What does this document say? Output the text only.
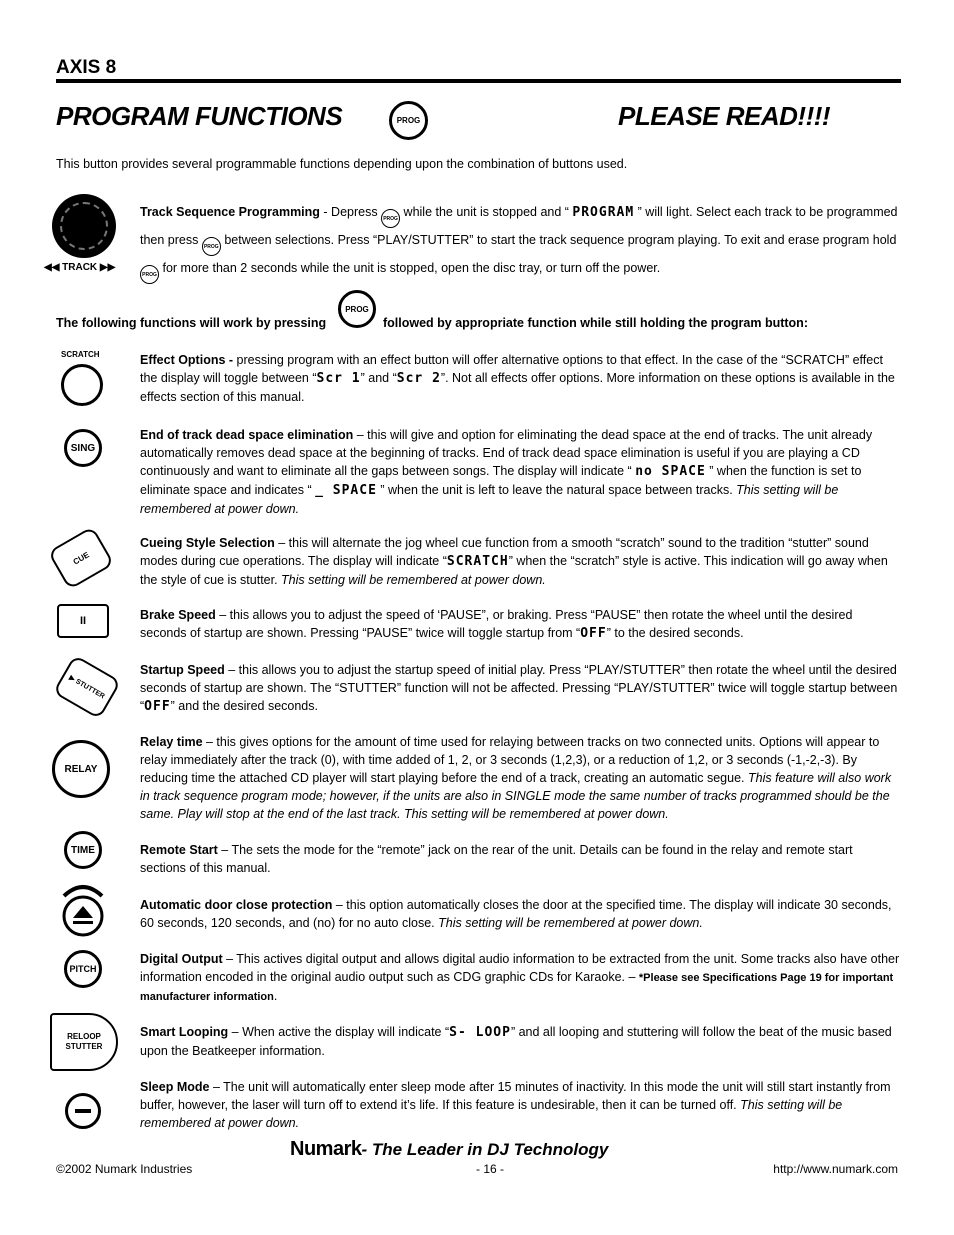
AXIS 8
PROGRAM FUNCTIONS	PROG	PLEASE READ!!!!
This button provides several programmable functions depending upon the combination of buttons used.
◀◀ TRACK ▶▶

Track Sequence Programming - Depress PROG while the unit is stopped and “ PROGRAM ” will light. Select each track to be programmed then press PROG between selections. Press “PLAY/STUTTER” to start the track sequence program playing. To exit and erase program hold PROG for more than 2 seconds while the unit is stopped, open the disc tray, or turn off the power.

The following functions will work by pressing
PROG
followed by appropriate function while still holding the program button:
SCRATCH	Effect Options - pressing program with an effect button will offer alternative options to that effect. In the case of the “SCRATCH” effect the display will toggle between “Scr 1” and “Scr 2”. Not all effects offer options. More information on these options is available in the effects section of this manual.

SING

End of track dead space elimination – this will give and option for eliminating the dead space at the end of tracks. The unit already automatically removes dead space at the beginning of tracks. End of track dead space elimination is useful if you are playing a CD continuously and want to eliminate all the gaps between songs. The display will indicate “ no SPACE ” when the function is set to eliminate space and indicates “ _ SPACE ” when the unit is left to leave the natural space between tracks. This setting will be remembered at power down.

CUE

Cueing Style Selection – this will alternate the jog wheel cue function from a smooth “scratch” sound to the tradition “stutter” sound modes during cue operations. The display will indicate “SCRATCH” when the “scratch” style is active. This indication will go away when the style of cue is stutter. This setting will be remembered at power down.

II	Brake Speed – this allows you to adjust the speed of ‘PAUSE”, or braking. Press “PAUSE” then rotate the wheel until the desired seconds of startup are shown. Pressing “PAUSE” twice will toggle startup from “OFF” to the desired seconds.

▶ STUTTER

Startup Speed – this allows you to adjust the startup speed of initial play. Press “PLAY/STUTTER” then rotate the wheel until the desired seconds of startup are shown. The “STUTTER” function will not be affected. Pressing “PLAY/STUTTER” twice will toggle startup between “OFF” and the desired seconds.

RELAY

Relay time – this gives options for the amount of time used for relaying between tracks on two connected units. Options will appear to relay immediately after the track (0), with time added of 1, 2, or 3 seconds (1,2,3), or a reduction of 1,2, or 3 seconds (-1,-2,-3). By reducing time the attached CD player will start playing before the end of a track, creating an automatic segue. This feature will also work in track sequence program mode; however, if the units are also in SINGLE mode the same number of tracks programmed should be the same. Play will stop at the end of the last track. This setting will be remembered at power down.

TIME	Remote Start – The sets the mode for the “remote” jack on the rear of the unit. Details can be found in the relay and remote start sections of this manual.

Automatic door close protection – this option automatically closes the door at the specified time. The display will indicate 30 seconds, 60 seconds, 120 seconds, and (no) for no auto close. This setting will be remembered at power down.

PITCH

Digital Output – This actives digital output and allows digital audio information to be extracted from the unit. Some tracks also have other information encoded in the original audio output such as CDG graphic CDs for Karaoke. – *Please see Specifications Page 19 for important manufacturer information.

RELOOP
STUTTER

Smart Looping – When active the display will indicate “S- LOOP” and all looping and stuttering will follow the beat of the music based upon the Beatkeeper information.

Sleep Mode – The unit will automatically enter sleep mode after 15 minutes of inactivity. In this mode the unit will still start instantly from buffer, however, the laser will turn off to extend it’s life. If this feature is undesirable, then it can be turned off. This setting will be remembered at power down.

Numark- The Leader in DJ Technology
©2002 Numark Industries	- 16 -	http://www.numark.com
